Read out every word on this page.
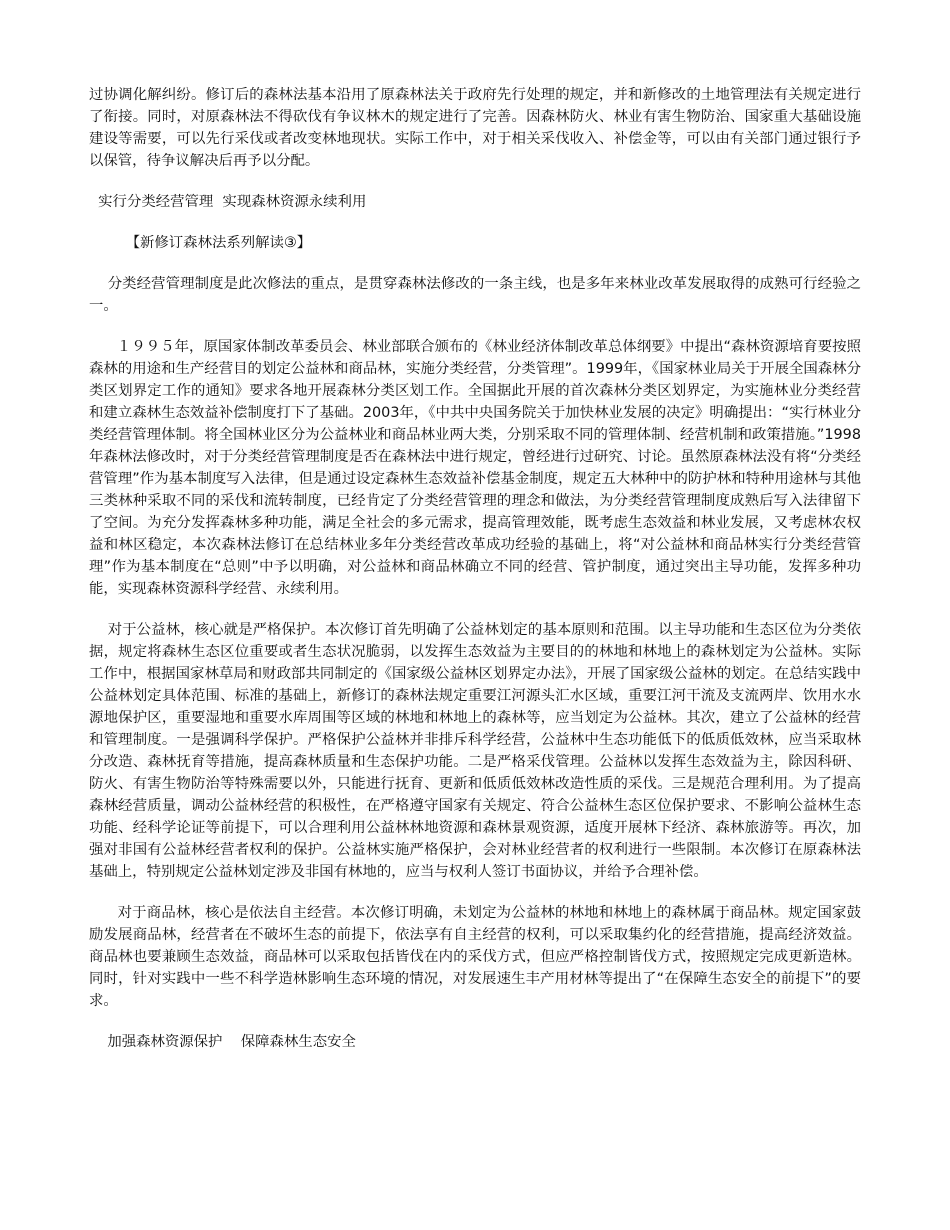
过协调化解纠纷。修订后的森林法基本沿用了原森林法关于政府先行处理的规定，并和新修改的土地管理法有关规定进行了衔接。同时，对原森林法不得砍伐有争议林木的规定进行了完善。因森林防火、林业有害生物防治、国家重大基础设施建设等需要，可以先行采伐或者改变林地现状。实际工作中，对于相关采伐收入、补偿金等，可以由有关部门通过银行予以保管，待争议解决后再予以分配。

实行分类经营管理  实现森林资源永续利用

【新修订森林法系列解读③】

分类经营管理制度是此次修法的重点，是贯穿森林法修改的一条主线，也是多年来林业改革发展取得的成熟可行经验之一。

１９９５年，原国家体制改革委员会、林业部联合颁布的《林业经济体制改革总体纲要》中提出“森林资源培育要按照森林的用途和生产经营目的划定公益林和商品林，实施分类经营，分类管理”。1999年，《国家林业局关于开展全国森林分类区划界定工作的通知》要求各地开展森林分类区划工作。全国据此开展的首次森林分类区划界定，为实施林业分类经营和建立森林生态效益补偿制度打下了基础。2003年，《中共中央国务院关于加快林业发展的决定》明确提出：“实行林业分类经营管理体制。将全国林业区分为公益林业和商品林业两大类，分别采取不同的管理体制、经营机制和政策措施。”1998年森林法修改时，对于分类经营管理制度是否在森林法中进行规定，曾经进行过研究、讨论。虽然原森林法没有将“分类经营管理”作为基本制度写入法律，但是通过设定森林生态效益补偿基金制度，规定五大林种中的防护林和特种用途林与其他三类林种采取不同的采伐和流转制度，已经肯定了分类经营管理的理念和做法，为分类经营管理制度成熟后写入法律留下了空间。为充分发挥森林多种功能，满足全社会的多元需求，提高管理效能，既考虑生态效益和林业发展，又考虑林农权益和林区稳定，本次森林法修订在总结林业多年分类经营改革成功经验的基础上，将“对公益林和商品林实行分类经营管理”作为基本制度在“总则”中予以明确，对公益林和商品林确立不同的经营、管护制度，通过突出主导功能，发挥多种功能，实现森林资源科学经营、永续利用。

对于公益林，核心就是严格保护。本次修订首先明确了公益林划定的基本原则和范围。以主导功能和生态区位为分类依据，规定将森林生态区位重要或者生态状况脆弱，以发挥生态效益为主要目的的林地和林地上的森林划定为公益林。实际工作中，根据国家林草局和财政部共同制定的《国家级公益林区划界定办法》，开展了国家级公益林的划定。在总结实践中公益林划定具体范围、标准的基础上，新修订的森林法规定重要江河源头汇水区域，重要江河干流及支流两岸、饮用水水源地保护区，重要湿地和重要水库周围等区域的林地和林地上的森林等，应当划定为公益林。其次，建立了公益林的经营和管理制度。一是强调科学保护。严格保护公益林并非排斥科学经营，公益林中生态功能低下的低质低效林，应当采取林分改造、森林抚育等措施，提高森林质量和生态保护功能。二是严格采伐管理。公益林以发挥生态效益为主，除因科研、防火、有害生物防治等特殊需要以外，只能进行抚育、更新和低质低效林改造性质的采伐。三是规范合理利用。为了提高森林经营质量，调动公益林经营的积极性，在严格遵守国家有关规定、符合公益林生态区位保护要求、不影响公益林生态功能、经科学论证等前提下，可以合理利用公益林林地资源和森林景观资源，适度开展林下经济、森林旅游等。再次，加强对非国有公益林经营者权利的保护。公益林实施严格保护，会对林业经营者的权利进行一些限制。本次修订在原森林法基础上，特别规定公益林划定涉及非国有林地的，应当与权利人签订书面协议，并给予合理补偿。

对于商品林，核心是依法自主经营。本次修订明确，未划定为公益林的林地和林地上的森林属于商品林。规定国家鼓励发展商品林，经营者在不破坏生态的前提下，依法享有自主经营的权利，可以采取集约化的经营措施，提高经济效益。商品林也要兼顾生态效益，商品林可以采取包括皆伐在内的采伐方式，但应严格控制皆伐方式，按照规定完成更新造林。同时，针对实践中一些不科学造林影响生态环境的情况，对发展速生丰产用材林等提出了“在保障生态安全的前提下”的要求。

加强森林资源保护    保障森林生态安全
